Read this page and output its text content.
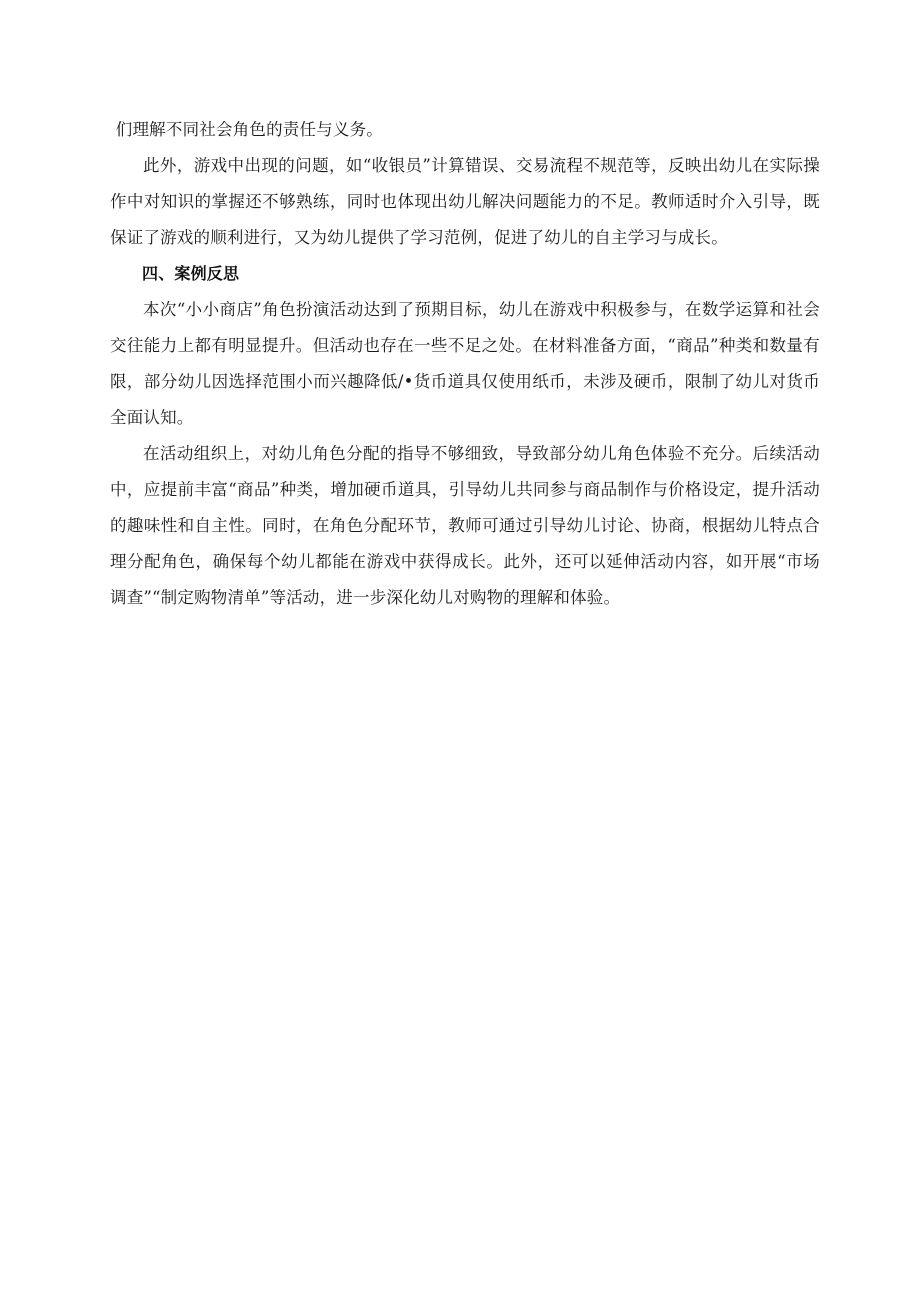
们理解不同社会角色的责任与义务。

此外，游戏中出现的问题，如“收银员”计算错误、交易流程不规范等，反映出幼儿在实际操作中对知识的掌握还不够熟练，同时也体现出幼儿解决问题能力的不足。教师适时介入引导，既保证了游戏的顺利进行，又为幼儿提供了学习范例，促进了幼儿的自主学习与成长。

四、案例反思

本次“小小商店”角色扮演活动达到了预期目标，幼儿在游戏中积极参与，在数学运算和社会交往能力上都有明显提升。但活动也存在一些不足之处。在材料准备方面，“商品”种类和数量有限，部分幼儿因选择范围小而兴趣降低/•货币道具仅使用纸币，未涉及硬币，限制了幼儿对货币全面认知。

在活动组织上，对幼儿角色分配的指导不够细致，导致部分幼儿角色体验不充分。后续活动中，应提前丰富“商品”种类，增加硬币道具，引导幼儿共同参与商品制作与价格设定，提升活动的趣味性和自主性。同时，在角色分配环节，教师可通过引导幼儿讨论、协商，根据幼儿特点合理分配角色，确保每个幼儿都能在游戏中获得成长。此外，还可以延伸活动内容，如开展“市场调查”“制定购物清单”等活动，进一步深化幼儿对购物的理解和体验。
